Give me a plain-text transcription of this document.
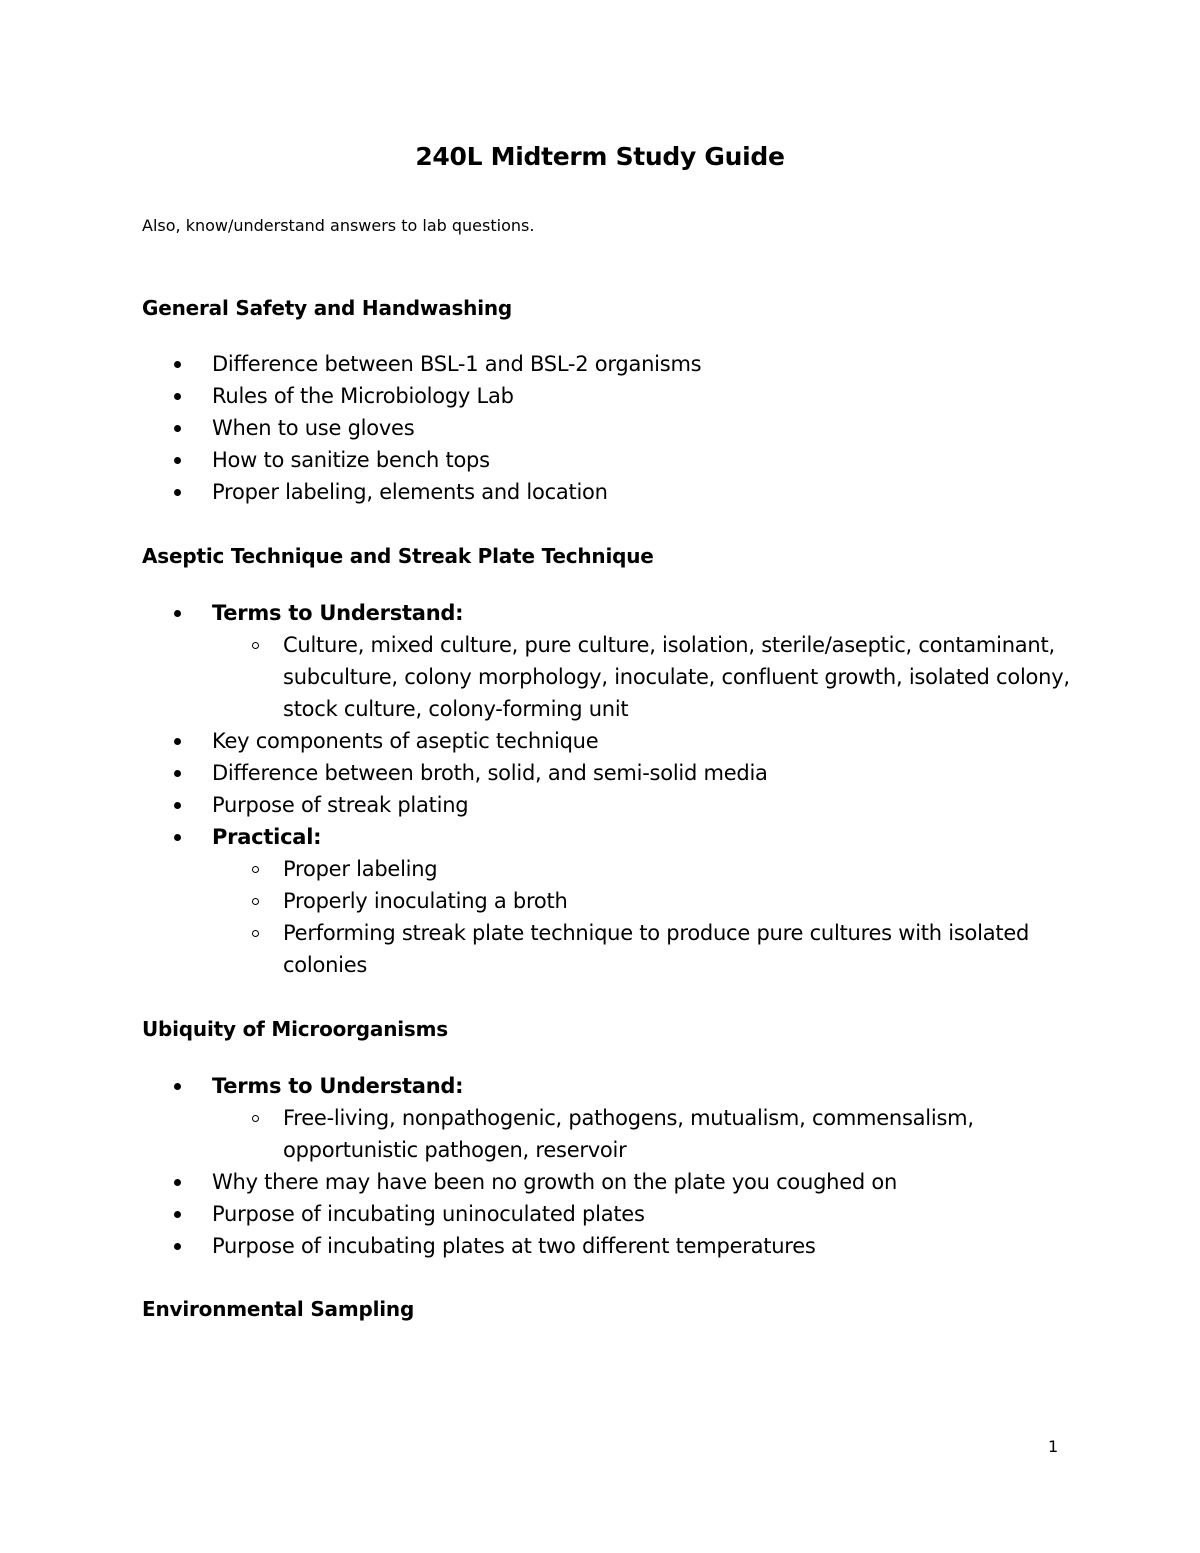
240L Midterm Study Guide

Also, know/understand answers to lab questions.

General Safety and Handwashing
Difference between BSL-1 and BSL-2 organisms
Rules of the Microbiology Lab
When to use gloves
How to sanitize bench tops
Proper labeling, elements and location
Aseptic Technique and Streak Plate Technique
Terms to Understand:
Culture, mixed culture, pure culture, isolation, sterile/aseptic, contaminant, subculture, colony morphology, inoculate, confluent growth, isolated colony, stock culture, colony-forming unit
Key components of aseptic technique
Difference between broth, solid, and semi-solid media
Purpose of streak plating
Practical:
Proper labeling
Properly inoculating a broth
Performing streak plate technique to produce pure cultures with isolated colonies
Ubiquity of Microorganisms
Terms to Understand:
Free-living, nonpathogenic, pathogens, mutualism, commensalism, opportunistic pathogen, reservoir
Why there may have been no growth on the plate you coughed on
Purpose of incubating uninoculated plates
Purpose of incubating plates at two different temperatures
Environmental Sampling

1
